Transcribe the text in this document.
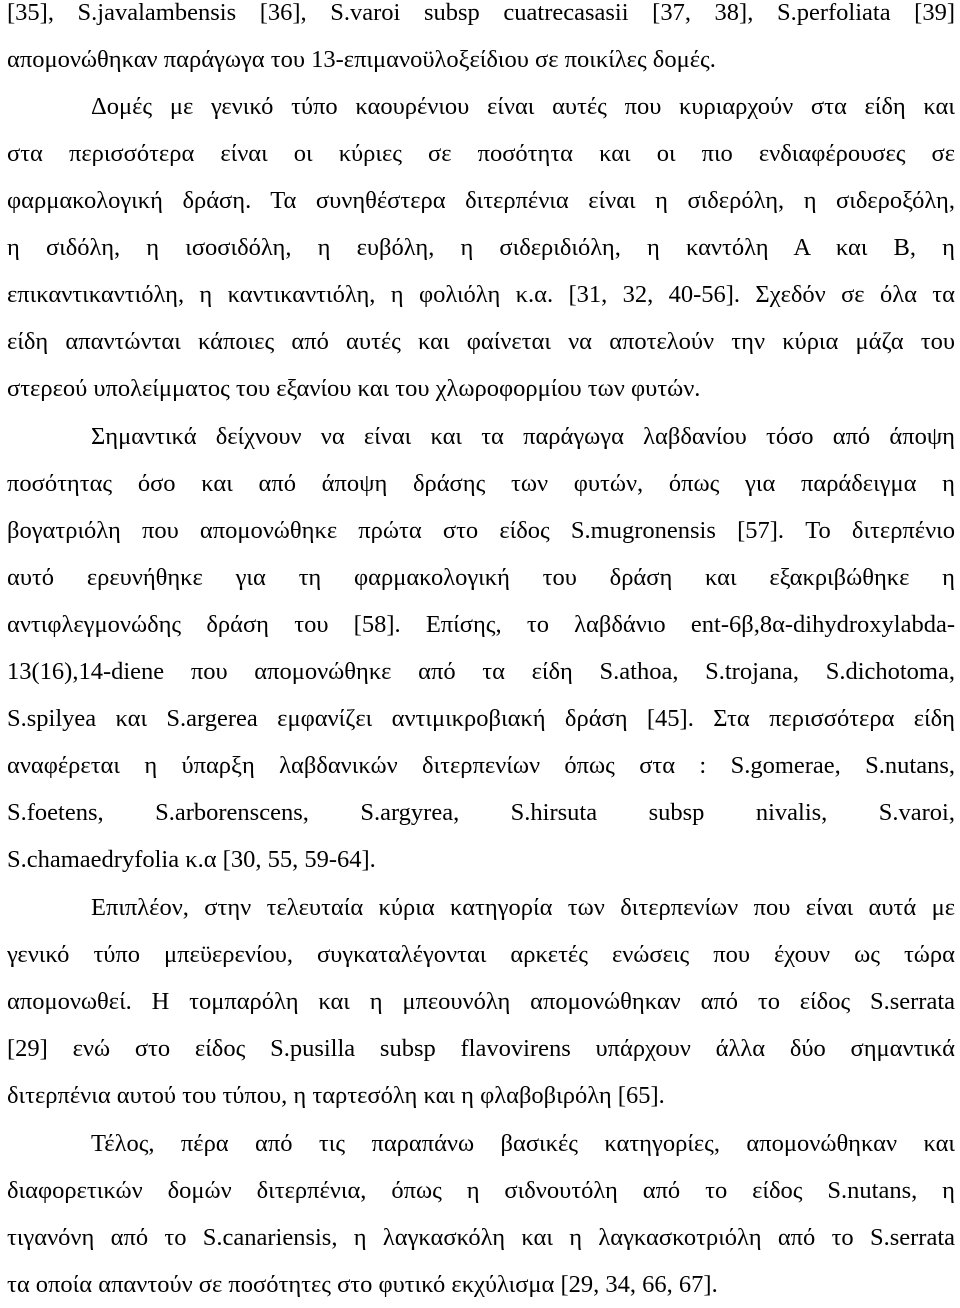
[35], S.javalambensis [36], S.varoi subsp cuatrecasasii [37, 38], S.perfoliata [39]
απομονώθηκαν παράγωγα του 13-επιμανοϋλοξείδιου σε ποικίλες δομές.
Δομές με γενικό τύπο καουρένιου είναι αυτές που κυριαρχούν στα είδη και
στα περισσότερα είναι οι κύριες σε ποσότητα και οι πιο ενδιαφέρουσες σε
φαρμακολογική δράση. Τα συνηθέστερα διτερπένια είναι η σιδερόλη, η σιδεροξόλη,
η σιδόλη, η ισοσιδόλη, η ευβόλη, η σιδεριδιόλη, η καντόλη Α και Β, η
επικαντικαντιόλη, η καντικαντιόλη, η φολιόλη κ.α. [31, 32, 40-56]. Σχεδόν σε όλα τα
είδη απαντώνται κάποιες από αυτές και φαίνεται να αποτελούν την κύρια μάζα του
στερεού υπολείμματος του εξανίου και του χλωροφορμίου των φυτών.
Σημαντικά δείχνουν να είναι και τα παράγωγα λαβδανίου τόσο από άποψη
ποσότητας όσο και από άποψη δράσης των φυτών, όπως για παράδειγμα η
βογατριόλη που απομονώθηκε πρώτα στο είδος S.mugronensis [57]. Το διτερπένιο
αυτό ερευνήθηκε για τη φαρμακολογική του δράση και εξακριβώθηκε η
αντιφλεγμονώδης δράση του [58]. Επίσης, το λαβδάνιο ent-6β,8α-dihydroxylabda-
13(16),14-diene που απομονώθηκε από τα είδη S.athoa, S.trojana, S.dichotoma,
S.spilyea και S.argerea εμφανίζει αντιμικροβιακή δράση [45]. Στα περισσότερα είδη
αναφέρεται η ύπαρξη λαβδανικών διτερπενίων όπως στα : S.gomerae, S.nutans,
S.foetens, S.arborenscens, S.argyrea, S.hirsuta subsp nivalis, S.varoi,
S.chamaedryfolia κ.α [30, 55, 59-64].
Επιπλέον, στην τελευταία κύρια κατηγορία των διτερπενίων που είναι αυτά με
γενικό τύπο μπεϋερενίου, συγκαταλέγονται αρκετές ενώσεις που έχουν ως τώρα
απομονωθεί. Η τομπαρόλη και η μπεουνόλη απομονώθηκαν από το είδος S.serrata
[29] ενώ στο είδος S.pusilla subsp flavovirens υπάρχουν άλλα δύο σημαντικά
διτερπένια αυτού του τύπου, η ταρτεσόλη και η φλαβοβιρόλη [65].
Τέλος, πέρα από τις παραπάνω βασικές κατηγορίες, απομονώθηκαν και
διαφορετικών δομών διτερπένια, όπως η σιδνουτόλη από το είδος S.nutans, η
τιγανόνη από το S.canariensis, η λαγκασκόλη και η λαγκασκοτριόλη από το S.serrata
τα οποία απαντούν σε ποσότητες στο φυτικό εκχύλισμα [29, 34, 66, 67].
